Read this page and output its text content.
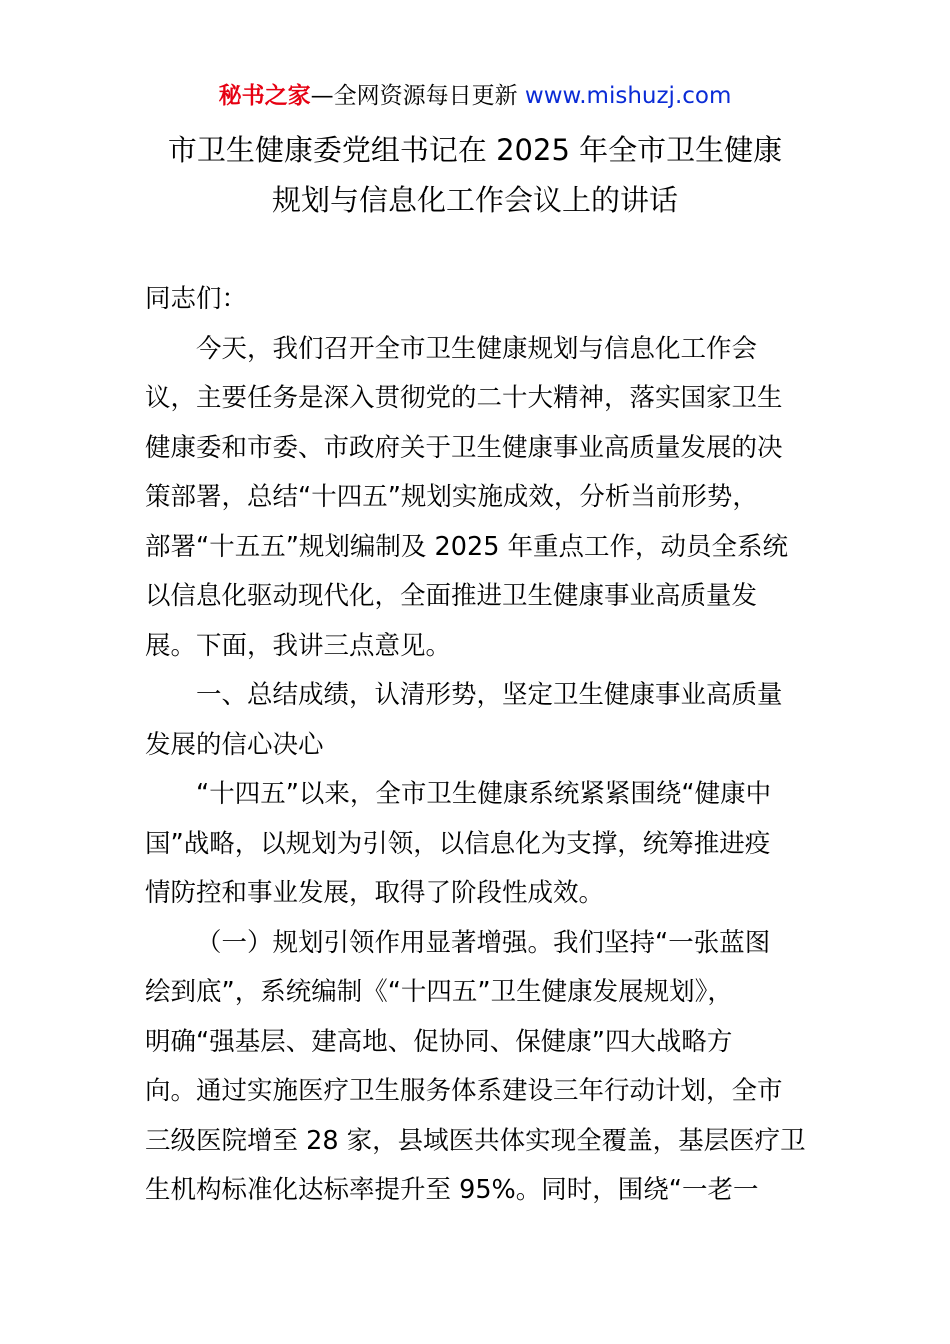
秘书之家—全网资源每日更新 www.mishuzj.com
市卫生健康委党组书记在 2025 年全市卫生健康
规划与信息化工作会议上的讲话
同志们：
今天，我们召开全市卫生健康规划与信息化工作会
议，主要任务是深入贯彻党的二十大精神，落实国家卫生
健康委和市委、市政府关于卫生健康事业高质量发展的决
策部署，总结“十四五”规划实施成效，分析当前形势，
部署“十五五”规划编制及 2025 年重点工作，动员全系统
以信息化驱动现代化，全面推进卫生健康事业高质量发
展。下面，我讲三点意见。
一、总结成绩，认清形势，坚定卫生健康事业高质量
发展的信心决心
“十四五”以来，全市卫生健康系统紧紧围绕“健康中
国”战略，以规划为引领，以信息化为支撑，统筹推进疫
情防控和事业发展，取得了阶段性成效。
（一）规划引领作用显著增强。我们坚持“一张蓝图
绘到底”，系统编制《“十四五”卫生健康发展规划》，
明确“强基层、建高地、促协同、保健康”四大战略方
向。通过实施医疗卫生服务体系建设三年行动计划，全市
三级医院增至 28 家，县域医共体实现全覆盖，基层医疗卫
生机构标准化达标率提升至 95%。同时，围绕“一老一
